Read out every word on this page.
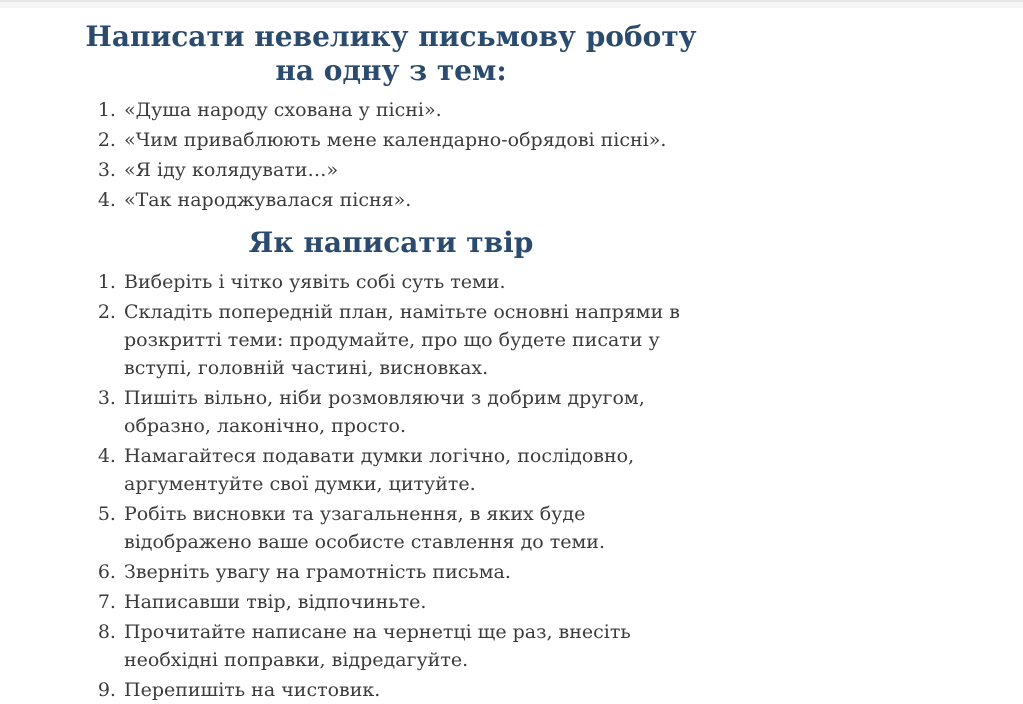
Написати невелику письмову роботу
на одну з тем:
1. «Душа народу схована у пісні».
2. «Чим приваблюють мене календарно-обрядові пісні».
3. «Я іду колядувати…»
4. «Так народжувалася пісня».
Як написати твір
1. Виберіть і чітко уявіть собі суть теми.
2. Складіть попередній план, намітьте основні напрями в розкритті теми: продумайте, про що будете писати у вступі, головній частині, висновках.
3. Пишіть вільно, ніби розмовляючи з добрим другом, образно, лаконічно, просто.
4. Намагайтеся подавати думки логічно, послідовно, аргументуйте свої думки, цитуйте.
5. Робіть висновки та узагальнення, в яких буде відображено ваше особисте ставлення до теми.
6. Зверніть увагу на грамотність письма.
7. Написавши твір, відпочиньте.
8. Прочитайте написане на чернетці ще раз, внесіть необхідні поправки, відредагуйте.
9. Перепишіть на чистовик.
